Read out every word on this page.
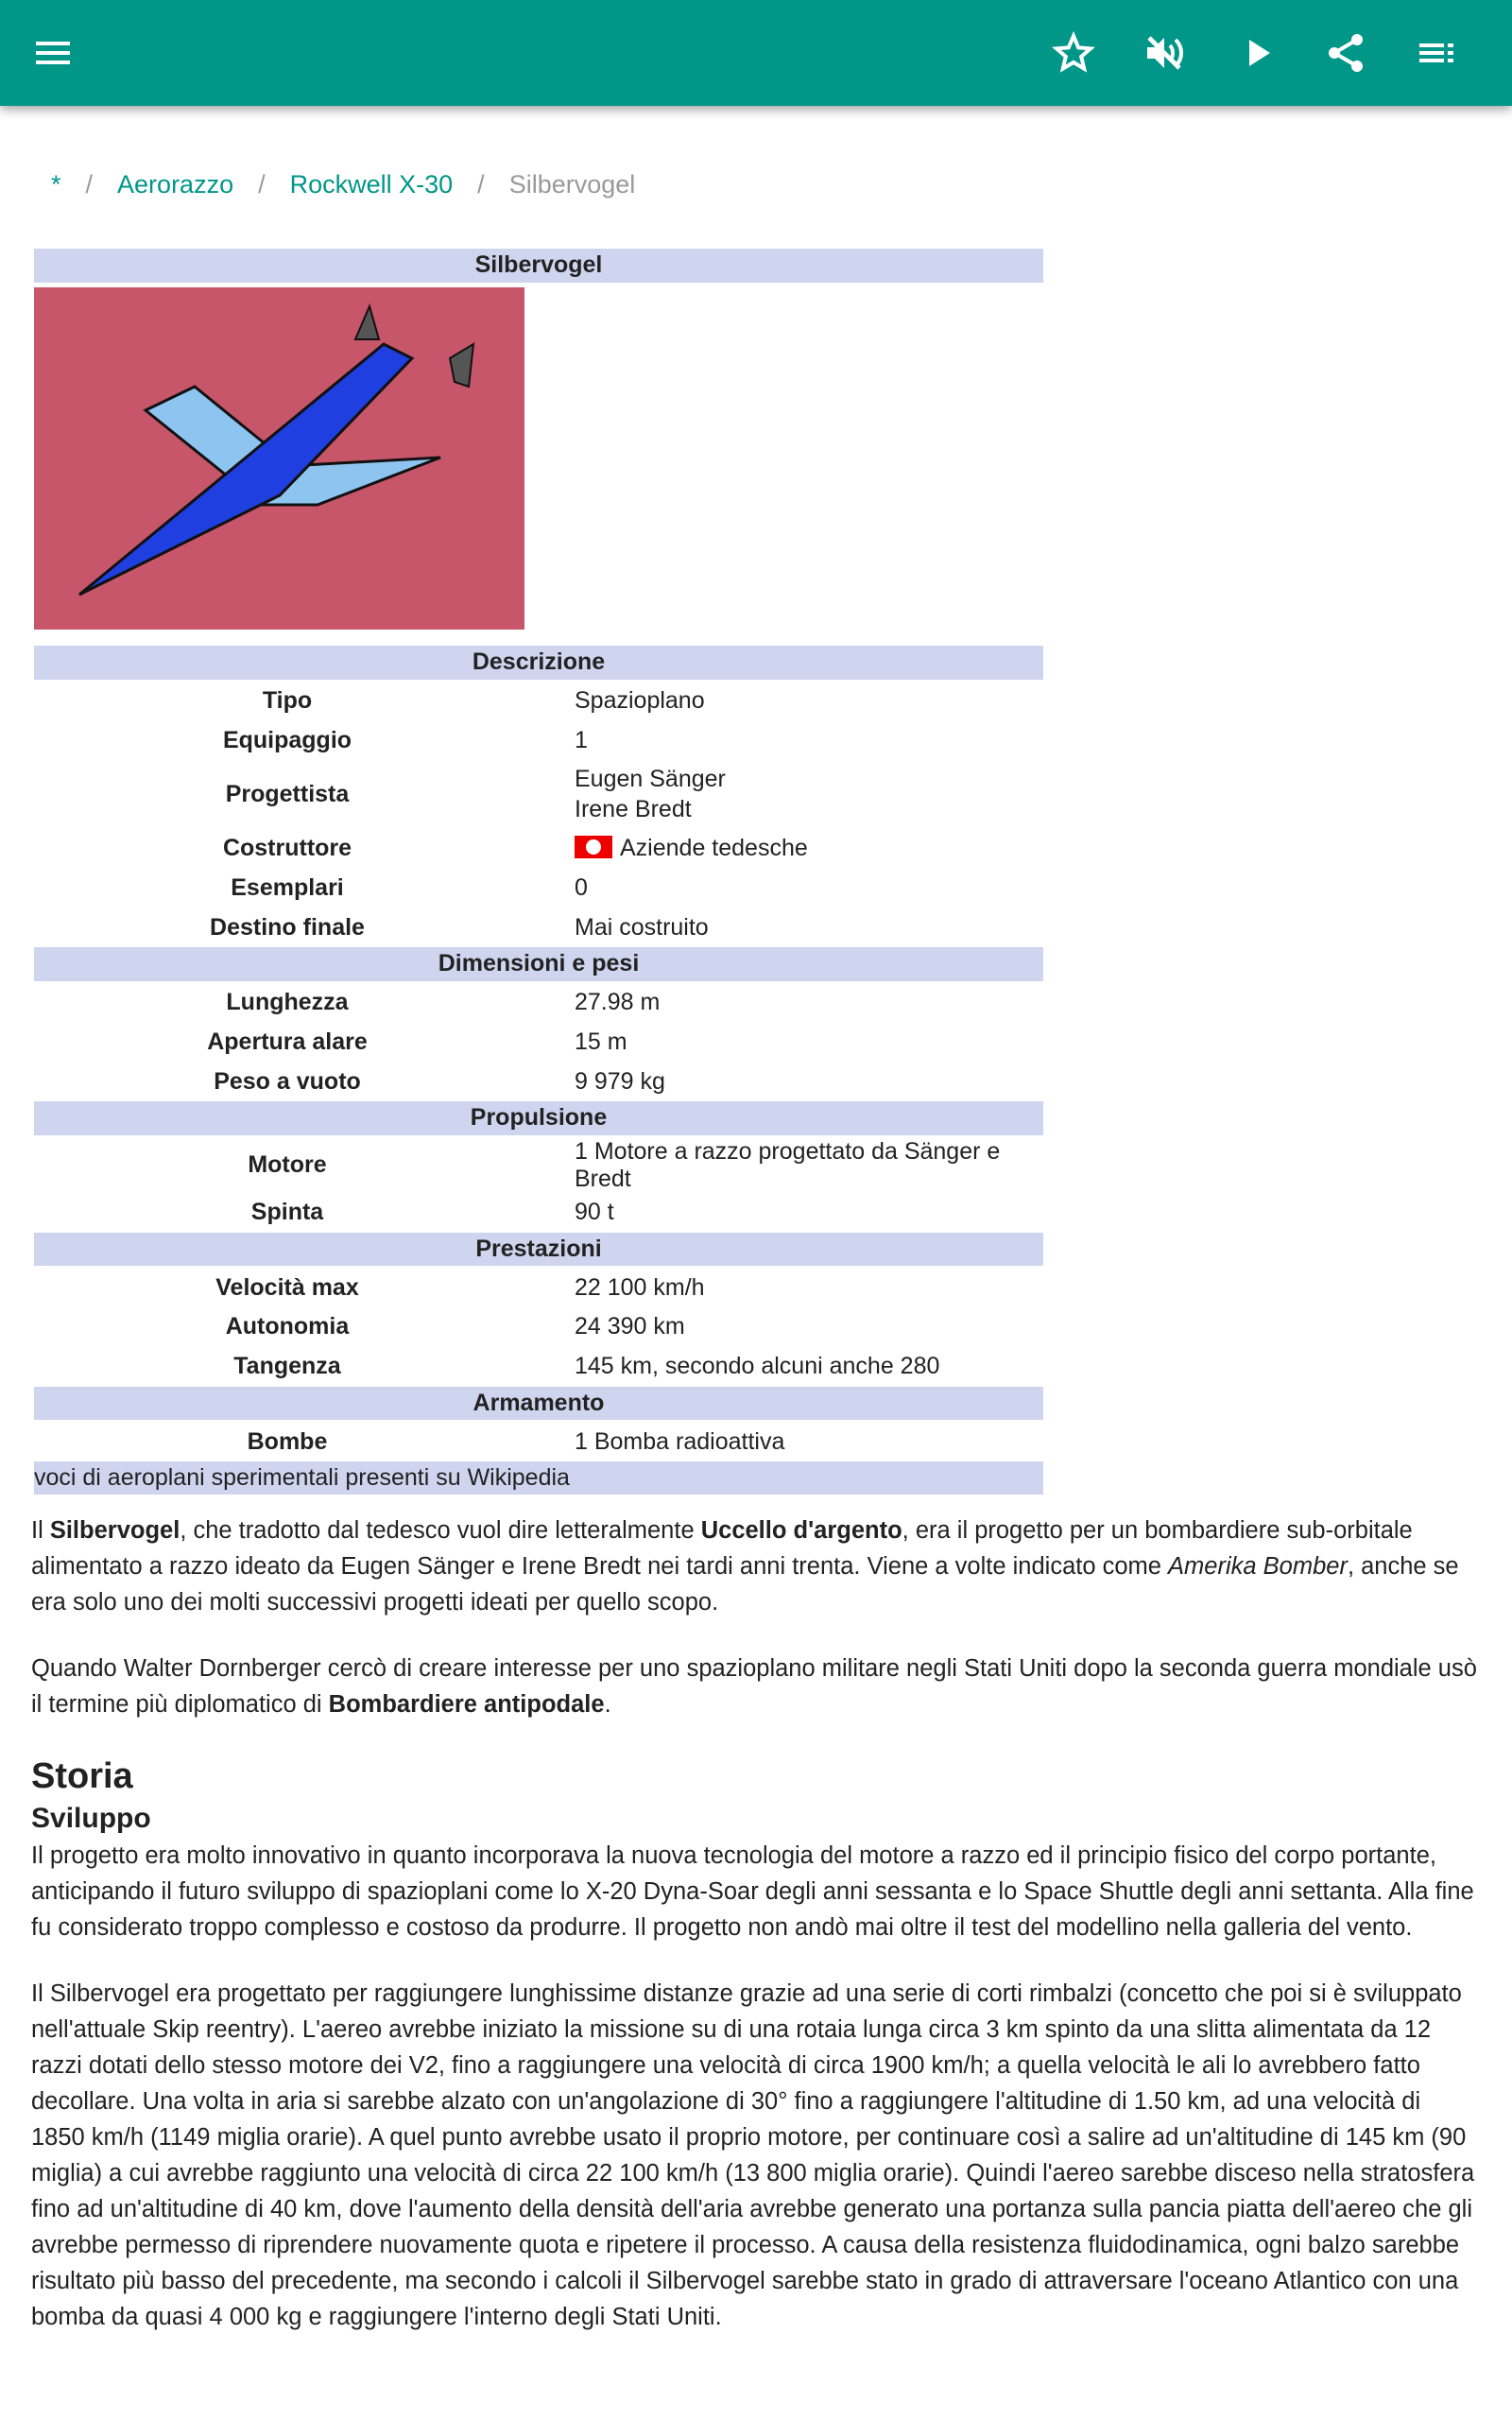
* / Aerorazzo / Rockwell X-30 / Silbervogel
Silbervogel

Descrizione	
Tipo	Spazioplano
Equipaggio	1
Progettista	Eugen Sänger
Irene Bredt
Costruttore	Aziende tedesche
Esemplari	0
Destino finale	Mai costruito
Dimensioni e pesi	
Lunghezza	27.98 m
Apertura alare	15 m
Peso a vuoto	9 979 kg
Propulsione	
Motore	1 Motore a razzo progettato da Sänger e Bredt
Spinta	90 t
Prestazioni	
Velocità max	22 100 km/h
Autonomia	24 390 km
Tangenza	145 km, secondo alcuni anche 280
Armamento	
Bombe	1 Bomba radioattiva
voci di aeroplani sperimentali presenti su Wikipedia	

Il Silbervogel, che tradotto dal tedesco vuol dire letteralmente Uccello d'argento, era il progetto per un bombardiere sub-orbitale alimentato a razzo ideato da Eugen Sänger e Irene Bredt nei tardi anni trenta. Viene a volte indicato come Amerika Bomber, anche se era solo uno dei molti successivi progetti ideati per quello scopo.

Quando Walter Dornberger cercò di creare interesse per uno spazioplano militare negli Stati Uniti dopo la seconda guerra mondiale usò il termine più diplomatico di Bombardiere antipodale.

Storia
Sviluppo

Il progetto era molto innovativo in quanto incorporava la nuova tecnologia del motore a razzo ed il principio fisico del corpo portante, anticipando il futuro sviluppo di spazioplani come lo X-20 Dyna-Soar degli anni sessanta e lo Space Shuttle degli anni settanta. Alla fine fu considerato troppo complesso e costoso da produrre. Il progetto non andò mai oltre il test del modellino nella galleria del vento.

Il Silbervogel era progettato per raggiungere lunghissime distanze grazie ad una serie di corti rimbalzi (concetto che poi si è sviluppato nell'attuale Skip reentry). L'aereo avrebbe iniziato la missione su di una rotaia lunga circa 3 km spinto da una slitta alimentata da 12 razzi dotati dello stesso motore dei V2, fino a raggiungere una velocità di circa 1900 km/h; a quella velocità le ali lo avrebbero fatto decollare. Una volta in aria si sarebbe alzato con un'angolazione di 30° fino a raggiungere l'altitudine di 1.50 km, ad una velocità di 1850 km/h (1149 miglia orarie). A quel punto avrebbe usato il proprio motore, per continuare così a salire ad un'altitudine di 145 km (90 miglia) a cui avrebbe raggiunto una velocità di circa 22 100 km/h (13 800 miglia orarie). Quindi l'aereo sarebbe disceso nella stratosfera fino ad un'altitudine di 40 km, dove l'aumento della densità dell'aria avrebbe generato una portanza sulla pancia piatta dell'aereo che gli avrebbe permesso di riprendere nuovamente quota e ripetere il processo. A causa della resistenza fluidodinamica, ogni balzo sarebbe risultato più basso del precedente, ma secondo i calcoli il Silbervogel sarebbe stato in grado di attraversare l'oceano Atlantico con una bomba da quasi 4 000 kg e raggiungere l'interno degli Stati Uniti.
